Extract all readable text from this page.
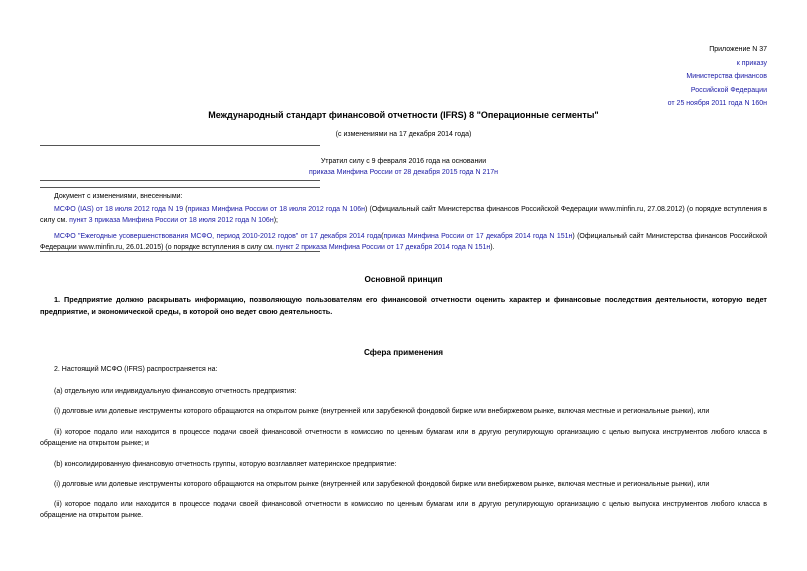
Приложение N 37
к приказу
Министерства финансов
Российской Федерации
от 25 ноября 2011 года N 160н
Международный стандарт финансовой отчетности (IFRS) 8 "Операционные сегменты"
(с изменениями на 17 декабря 2014 года)
Утратил силу с 9 февраля 2016 года на основании
приказа Минфина России от 28 декабря 2015 года N 217н
Документ с изменениями, внесенными:

МСФО (IAS) от 18 июля 2012 года N 19 (приказ Минфина России от 18 июля 2012 года N 106н) (Официальный сайт Министерства финансов Российской Федерации www.minfin.ru, 27.08.2012) (о порядке вступления в силу см. пункт 3 приказа Минфина России от 18 июля 2012 года N 106н);

МСФО "Ежегодные усовершенствования МСФО, период 2010-2012 годов" от 17 декабря 2014 года(приказ Минфина России от 17 декабря 2014 года N 151н) (Официальный сайт Министерства финансов Российской Федерации www.minfin.ru, 26.01.2015) (о порядке вступления в силу см. пункт 2 приказа Минфина России от 17 декабря 2014 года N 151н).

Основной принцип
1. Предприятие должно раскрывать информацию, позволяющую пользователям его финансовой отчетности оценить характер и финансовые последствия деятельности, которую ведет предприятие, и экономической среды, в которой оно ведет свою деятельность.
Сфера применения

2. Настоящий МСФО (IFRS) распространяется на:

(a) отдельную или индивидуальную финансовую отчетность предприятия:

(i) долговые или долевые инструменты которого обращаются на открытом рынке (внутренней или зарубежной фондовой бирже или внебиржевом рынке, включая местные и региональные рынки), или

(ii) которое подало или находится в процессе подачи своей финансовой отчетности в комиссию по ценным бумагам или в другую регулирующую организацию с целью выпуска инструментов любого класса в обращение на открытом рынке; и

(b) консолидированную финансовую отчетность группы, которую возглавляет материнское предприятие:

(i) долговые или долевые инструменты которого обращаются на открытом рынке (внутренней или зарубежной фондовой бирже или внебиржевом рынке, включая местные и региональные рынки), или

(ii) которое подало или находится в процессе подачи своей финансовой отчетности в комиссию по ценным бумагам или в другую регулирующую организацию с целью выпуска инструментов любого класса в обращение на открытом рынке.
